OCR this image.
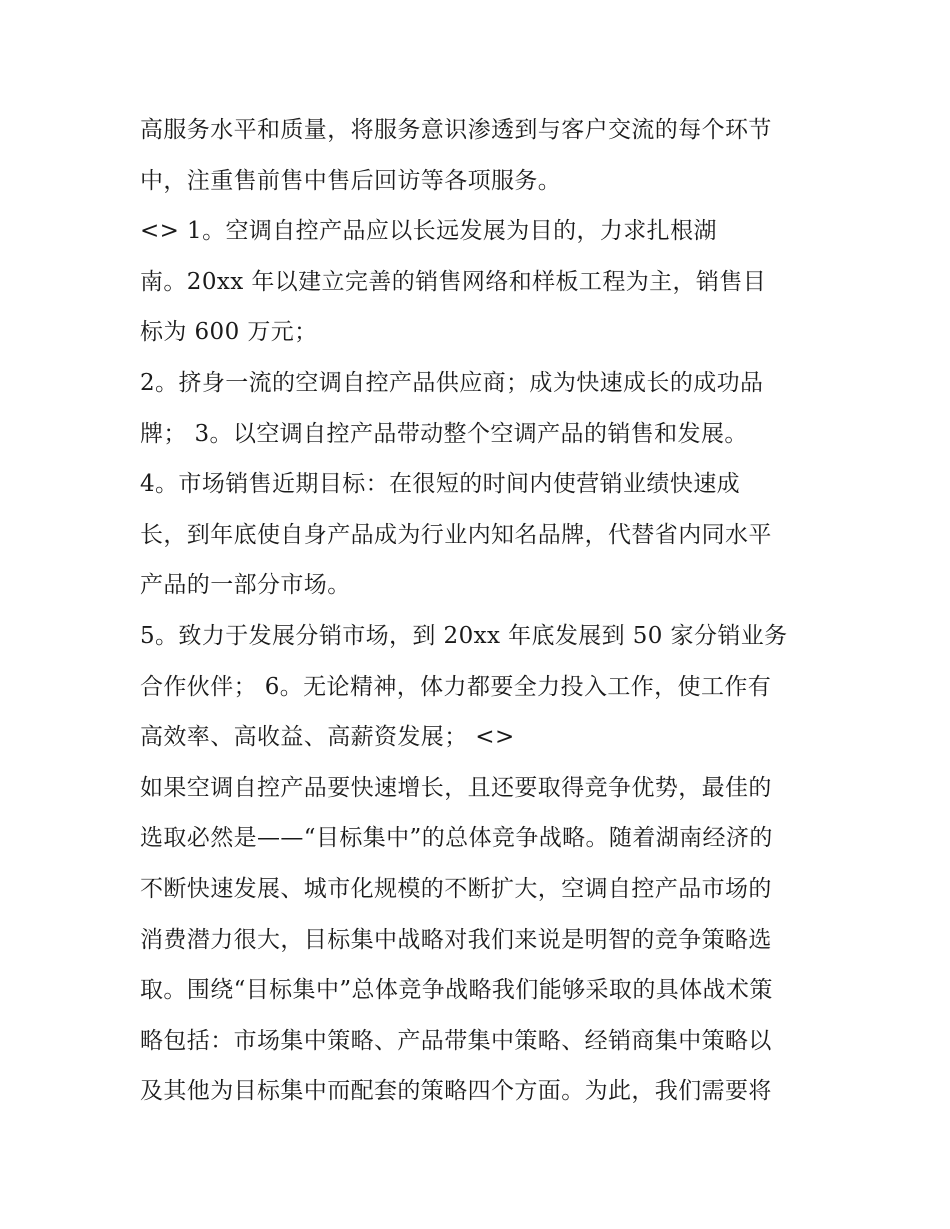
高服务水平和质量，将服务意识渗透到与客户交流的每个环节
中，注重售前售中售后回访等各项服务。
<> 1。空调自控产品应以长远发展为目的，力求扎根湖
南。20xx 年以建立完善的销售网络和样板工程为主，销售目
标为 600 万元；
2。挤身一流的空调自控产品供应商；成为快速成长的成功品
牌； 3。以空调自控产品带动整个空调产品的销售和发展。
4。市场销售近期目标：在很短的时间内使营销业绩快速成
长，到年底使自身产品成为行业内知名品牌，代替省内同水平
产品的一部分市场。
5。致力于发展分销市场，到 20xx 年底发展到 50 家分销业务
合作伙伴； 6。无论精神，体力都要全力投入工作，使工作有
高效率、高收益、高薪资发展； <>
如果空调自控产品要快速增长，且还要取得竞争优势，最佳的
选取必然是——“目标集中”的总体竞争战略。随着湖南经济的
不断快速发展、城市化规模的不断扩大，空调自控产品市场的
消费潜力很大，目标集中战略对我们来说是明智的竞争策略选
取。围绕“目标集中”总体竞争战略我们能够采取的具体战术策
略包括：市场集中策略、产品带集中策略、经销商集中策略以
及其他为目标集中而配套的策略四个方面。为此，我们需要将
